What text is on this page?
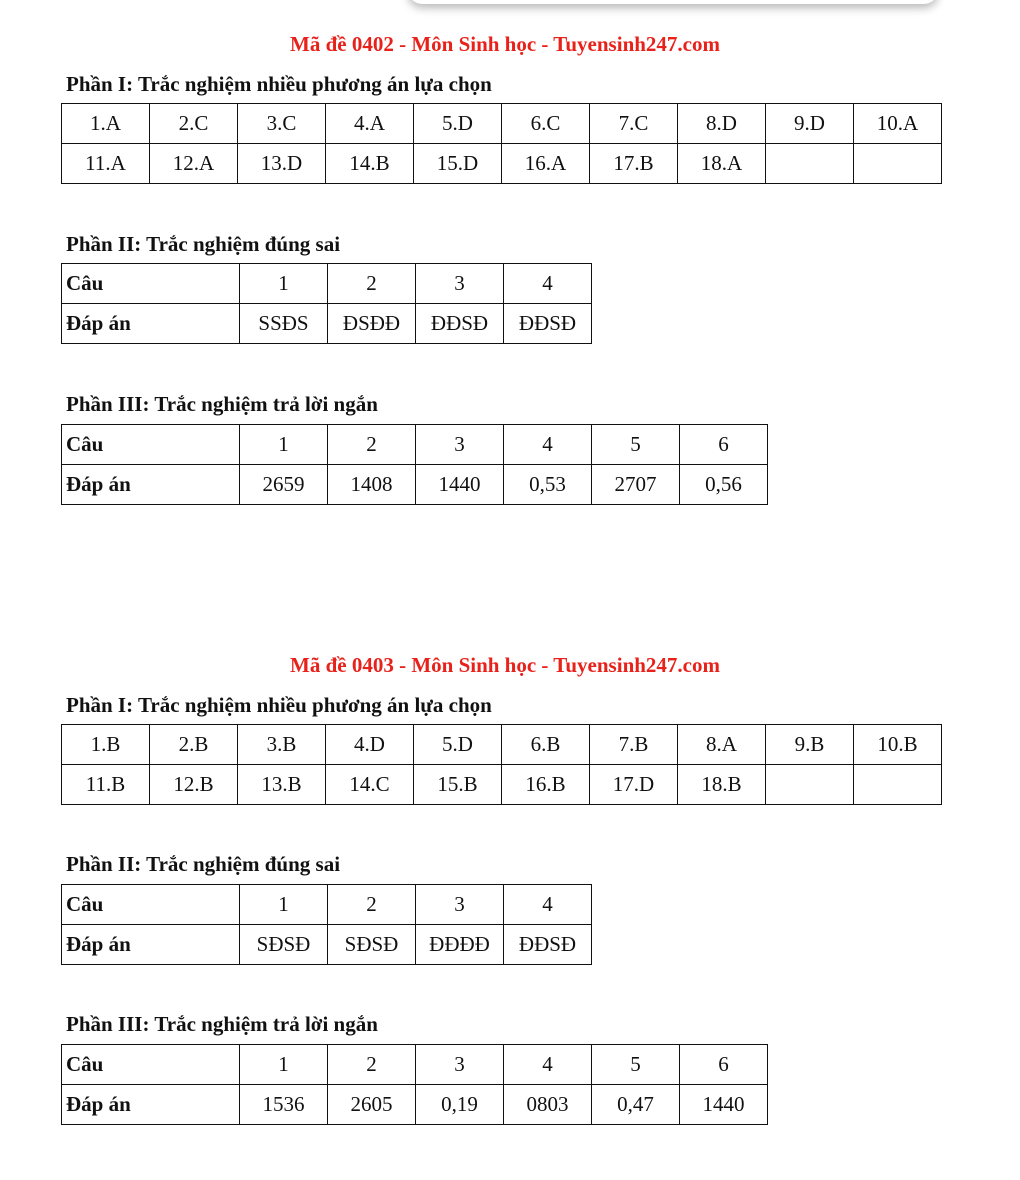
Mã đề 0402 - Môn Sinh học - Tuyensinh247.com
Phần I: Trắc nghiệm nhiều phương án lựa chọn
1.A	2.C	3.C	4.A	5.D	6.C	7.C	8.D	9.D	10.A
11.A	12.A	13.D	14.B	15.D	16.A	17.B	18.A		
Phần II: Trắc nghiệm đúng sai
Câu	1	2	3	4
Đáp án	SSĐS	ĐSĐĐ	ĐĐSĐ	ĐĐSĐ
Phần III: Trắc nghiệm trả lời ngắn
Câu	1	2	3	4	5	6
Đáp án	2659	1408	1440	0,53	2707	0,56
Mã đề 0403 - Môn Sinh học - Tuyensinh247.com
Phần I: Trắc nghiệm nhiều phương án lựa chọn
1.B	2.B	3.B	4.D	5.D	6.B	7.B	8.A	9.B	10.B
11.B	12.B	13.B	14.C	15.B	16.B	17.D	18.B		
Phần II: Trắc nghiệm đúng sai
Câu	1	2	3	4
Đáp án	SĐSĐ	SĐSĐ	ĐĐĐĐ	ĐĐSĐ
Phần III: Trắc nghiệm trả lời ngắn
Câu	1	2	3	4	5	6
Đáp án	1536	2605	0,19	0803	0,47	1440
